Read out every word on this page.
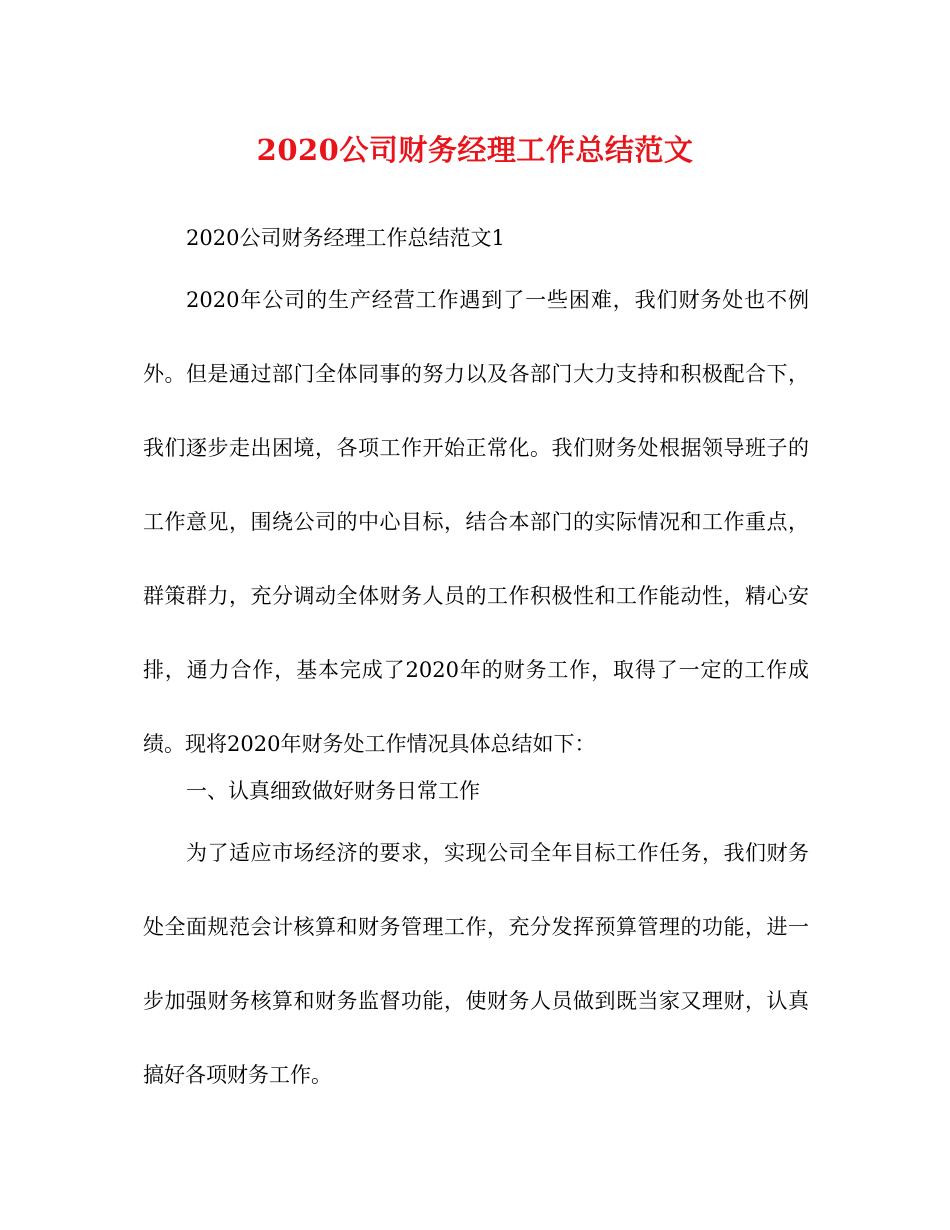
2020公司财务经理工作总结范文
2020公司财务经理工作总结范文1
2020年公司的生产经营工作遇到了一些困难，我们财务处也不例外。但是通过部门全体同事的努力以及各部门大力支持和积极配合下，我们逐步走出困境，各项工作开始正常化。我们财务处根据领导班子的工作意见，围绕公司的中心目标，结合本部门的实际情况和工作重点，群策群力，充分调动全体财务人员的工作积极性和工作能动性，精心安排，通力合作，基本完成了2020年的财务工作，取得了一定的工作成绩。现将2020年财务处工作情况具体总结如下：
一、认真细致做好财务日常工作
为了适应市场经济的要求，实现公司全年目标工作任务，我们财务处全面规范会计核算和财务管理工作，充分发挥预算管理的功能，进一步加强财务核算和财务监督功能，使财务人员做到既当家又理财，认真搞好各项财务工作。
